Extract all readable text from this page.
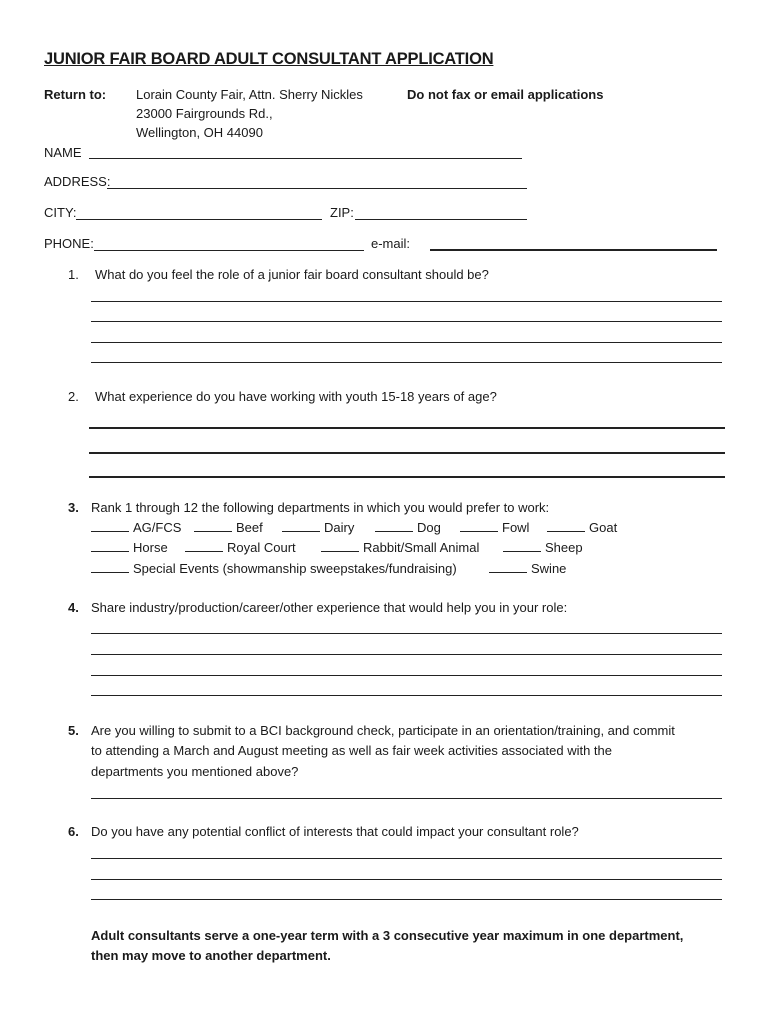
JUNIOR FAIR BOARD ADULT CONSULTANT APPLICATION
Return to: Lorain County Fair, Attn. Sherry Nickles
23000 Fairgrounds Rd.,
Wellington, OH 44090
Do not fax or email applications
NAME
ADDRESS:
CITY:	ZIP:
PHONE:	e-mail:
1. What do you feel the role of a junior fair board consultant should be?
2. What experience do you have working with youth 15-18 years of age?
3. Rank 1 through 12 the following departments in which you would prefer to work:
AG/FCS	Beef	Dairy	Dog	Fowl	Goat
Horse	Royal Court	Rabbit/Small Animal	Sheep
Special Events (showmanship sweepstakes/fundraising)	Swine
4. Share industry/production/career/other experience that would help you in your role:
5. Are you willing to submit to a BCI background check, participate in an orientation/training, and commit
to attending a March and August meeting as well as fair week activities associated with the
departments you mentioned above?
6. Do you have any potential conflict of interests that could impact your consultant role?
Adult consultants serve a one-year term with a 3 consecutive year maximum in one department,
then may move to another department.
